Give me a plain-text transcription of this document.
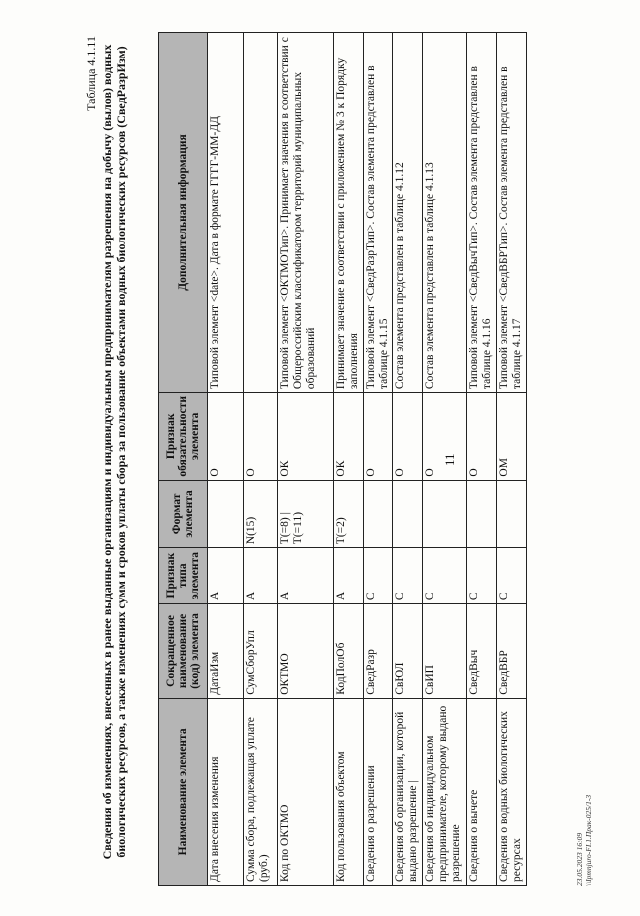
11
Таблица 4.1.11 Сведения об изменениях, внесенных в ранее выданные организациям и индивидуальным предпринимателям разрешения на добычу (вылов) водных биологических ресурсов, а также изменениях сумм и сроков уплаты сбора за пользование объектами водных биологических ресурсов (СведРазрИзм)	Наименование элемента	Сокращенное наименование (код) элемента	Признак типа элемента	Формат элемента	Признак обязательности элемента	Дополнительная информация
Дата внесения изменения	ДатаИзм	А		О	Типовой элемент <date>. Дата в формате ГГГГ-ММ-ДД
Сумма сбора, подлежащая уплате (руб.)	СумСборУпл	А	N(15)	О	
Код по ОКТМО	ОКТМО	А	T(=8) | T(=11)	ОК	Типовой элемент <ОКТМОТип>. Принимает значения в соответствии с Общероссийским классификатором территорий муниципальных образований
Код пользования объектом	КодПолОб	А	T(=2)	ОК	Принимает значение в соответствии с приложением № 3 к Порядку заполнения
Сведения о разрешении	СведРазр	С		О	Типовой элемент <СведРазрТип>. Состав элемента представлен в таблице 4.1.15
Сведения об организации, которой выдано разрешение |	СвЮЛ	С		О	Состав элемента представлен в таблице 4.1.12
Сведения об индивидуальном предпринимателе, которому выдано разрешение	СвИП	С		О	Состав элемента представлен в таблице 4.1.13
Сведения о вычете	СведВыч	С		О	Типовой элемент <СведВычТип>. Состав элемента представлен в таблице 4.1.16
Сведения о водных биологических ресурсах	СведВБР	С		ОМ	Типовой элемент <СведВБРТип>. Состав элемента представлен в таблице 4.1.17
23.05.2023 16:09 \\Ipmnjuro-FI.1.Прак-025/1-3
